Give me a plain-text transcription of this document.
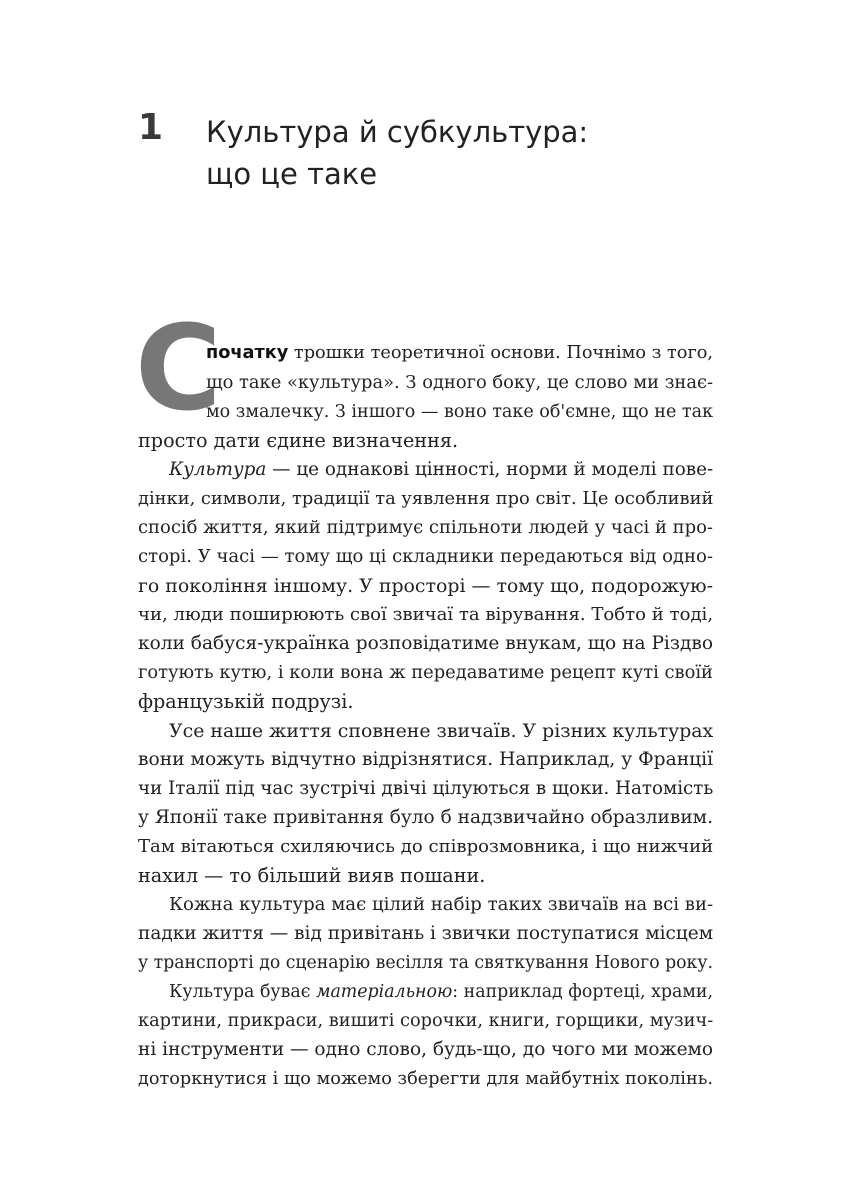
1 Культура й субкультура:
що це таке
С
початку трошки теоретичної основи. Почнімо з того,
що таке «культура». З одного боку, це слово ми знає-
мо змалечку. З іншого — воно таке об'ємне, що не так
просто дати єдине визначення.
Культура — це однакові цінності, норми й моделі пове-
дінки, символи, традиції та уявлення про світ. Це особливий
спосіб життя, який підтримує спільноти людей у часі й про-
сторі. У часі — тому що ці складники передаються від одно-
го покоління іншому. У просторі — тому що, подорожую-
чи, люди поширюють свої звичаї та вірування. Тобто й тоді,
коли бабуся-українка розповідатиме внукам, що на Різдво
готують кутю, і коли вона ж передаватиме рецепт куті своїй
французькій подрузі.
Усе наше життя сповнене звичаїв. У різних культурах
вони можуть відчутно відрізнятися. Наприклад, у Франції
чи Італії під час зустрічі двічі цілуються в щоки. Натомість
у Японії таке привітання було б надзвичайно образливим.
Там вітаються схиляючись до співрозмовника, і що нижчий
нахил — то більший вияв пошани.
Кожна культура має цілий набір таких звичаїв на всі ви-
падки життя — від привітань і звички поступатися місцем
у транспорті до сценарію весілля та святкування Нового року.
Культура буває матеріальною: наприклад фортеці, храми,
картини, прикраси, вишиті сорочки, книги, горщики, музич-
ні інструменти — одно слово, будь-що, до чого ми можемо
доторкнутися і що можемо зберегти для майбутніх поколінь.
